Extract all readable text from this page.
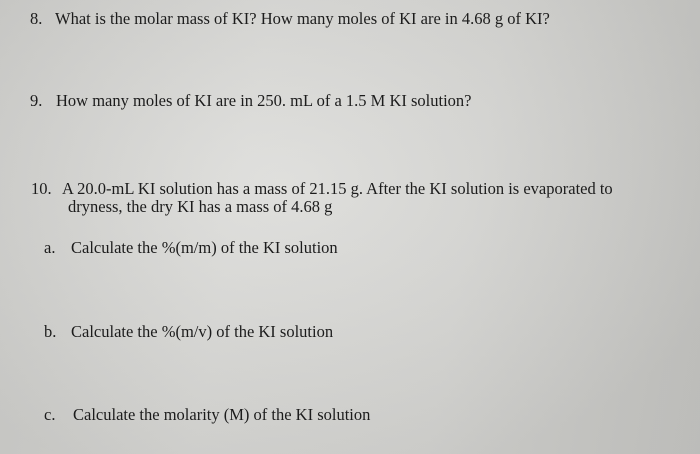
8. What is the molar mass of KI? How many moles of KI are in 4.68 g of KI?
9. How many moles of KI are in 250. mL of a 1.5 M KI solution?
10. A 20.0-mL KI solution has a mass of 21.15 g. After the KI solution is evaporated to
dryness, the dry KI has a mass of 4.68 g
a. Calculate the %(m/m) of the KI solution
b. Calculate the %(m/v) of the KI solution
c. Calculate the molarity (M) of the KI solution
